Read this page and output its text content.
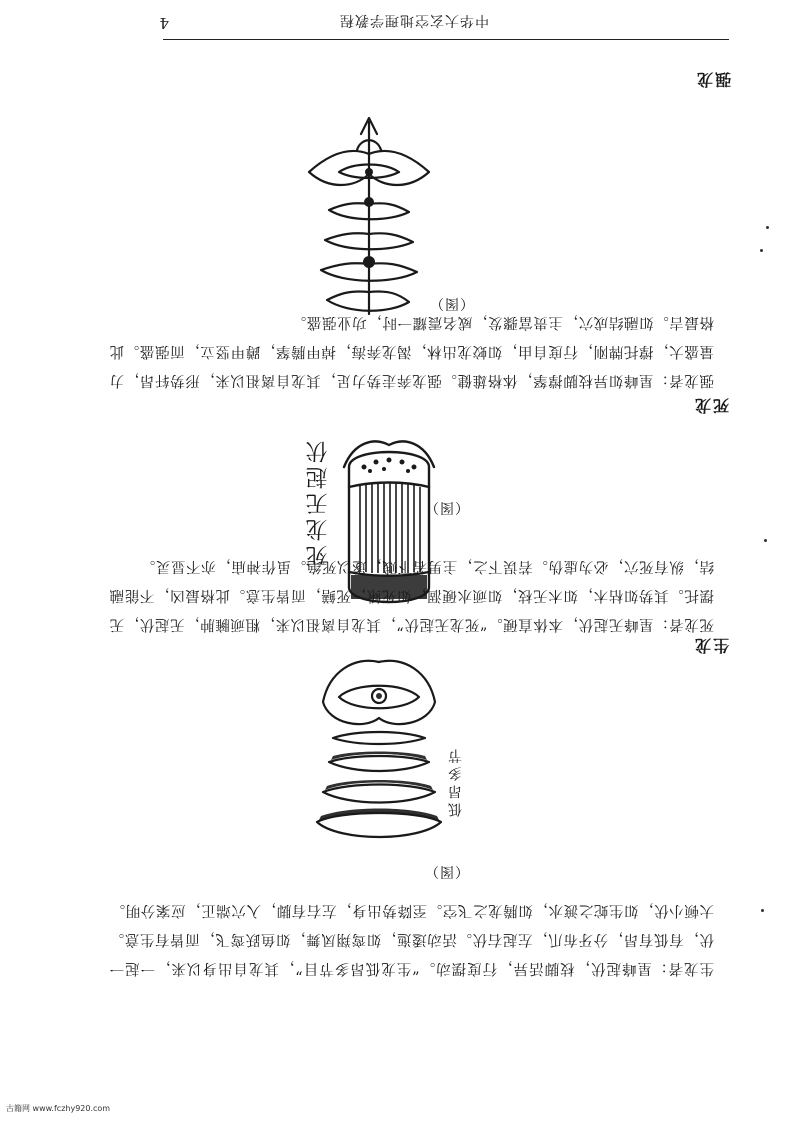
中华大玄空地理学教程
4
强龙
（图）

强龙者：星峰如异枝脚撑拏，体格雄健。强龙奔走势力足，其龙自离祖以来，形势轩昂，力量盛大，撑托牌刚，行度自由，如蛟龙出林，渴龙奔海，掉甲腾拏，蹲甲竖立，而强盛。此格最吉。如融结成穴，主贵富骤发，威名震耀一时，功业强盛。

死龙
死龙无起伏	（图）

死龙者：星峰无起伏，本体直硬。“死龙无起伏”，其龙自离祖以来，粗顽臃肿，无起伏，无摆托。其势如枯木，如木无枝，如顽水硬涸，如死鳅，死鳝，而皆生意。此格最凶，不能融结，纵有死穴，必为虚伪。若误下之，主男若下贱，遂以死绝。虽作神庙，亦不显灵。

生龙
低昂多节

生龙者：星峰起伏，枝脚活异，行度摆动。“生龙低昂多节目”，其龙自出身以来，一起一伏，有低有昂，分牙布爪，左起右伏。活动逶迤，如鸾翔凤舞，如鱼跃鸾飞，而皆有生意。大顿小伏，如生蛇之渡水，如腾龙之飞空。至降势出身，左右有脚，入穴端正，应案分明。

（图）
古籍网 www.fczhy920.com
